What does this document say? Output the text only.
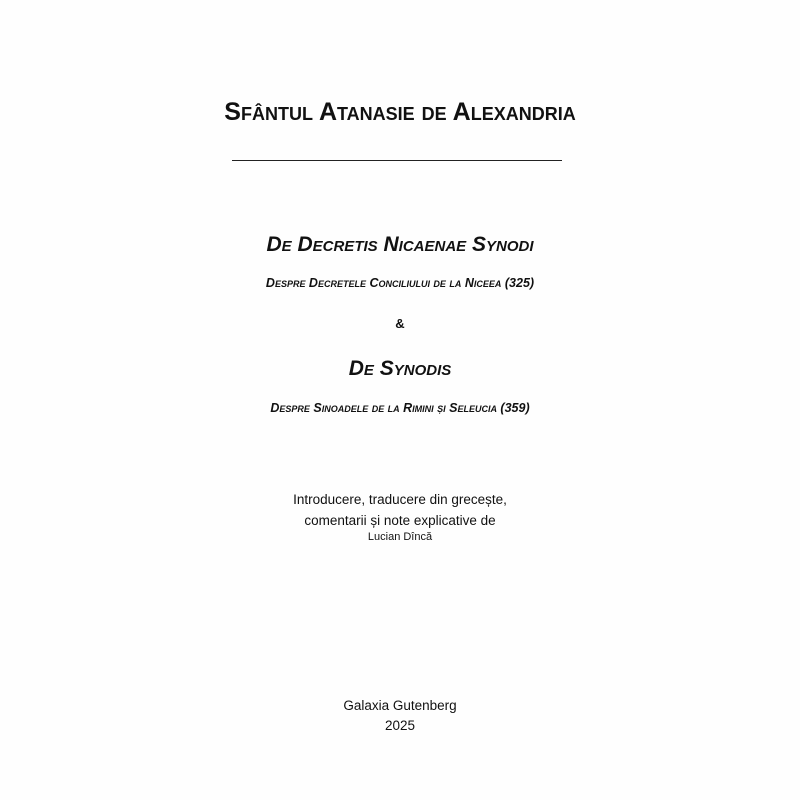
Sfântul Atanasie de Alexandria
De Decretis Nicaenae Synodi
Despre Decretele Conciliului de la Niceea (325)
&
De Synodis
Despre Sinoadele de la Rimini și Seleucia (359)
Introducere, traducere din grecește,
comentarii și note explicative de
Lucian Dîncă
Galaxia Gutenberg
2025
